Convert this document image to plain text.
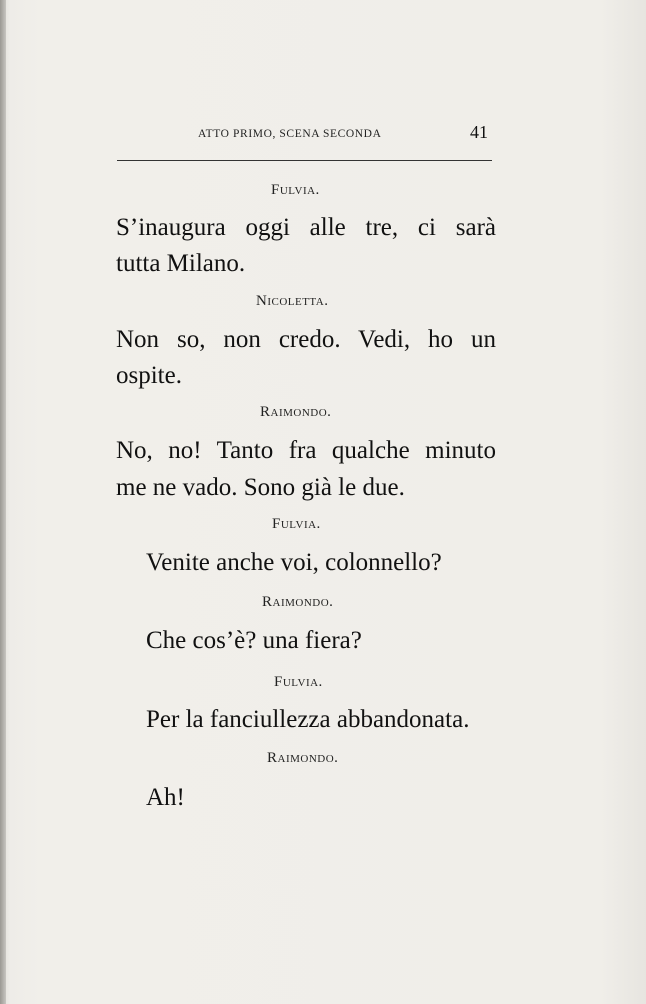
ATTO PRIMO, SCENA SECONDA	41
Fulvia.
S’inaugura oggi alle tre, ci sarà
tutta Milano.
Nicoletta.
Non so, non credo. Vedi, ho un
ospite.
Raimondo.
No, no! Tanto fra qualche minuto
me ne vado. Sono già le due.
Fulvia.
Venite anche voi, colonnello?
Raimondo.
Che cos’è? una fiera?
Fulvia.
Per la fanciullezza abbandonata.
Raimondo.
Ah!
